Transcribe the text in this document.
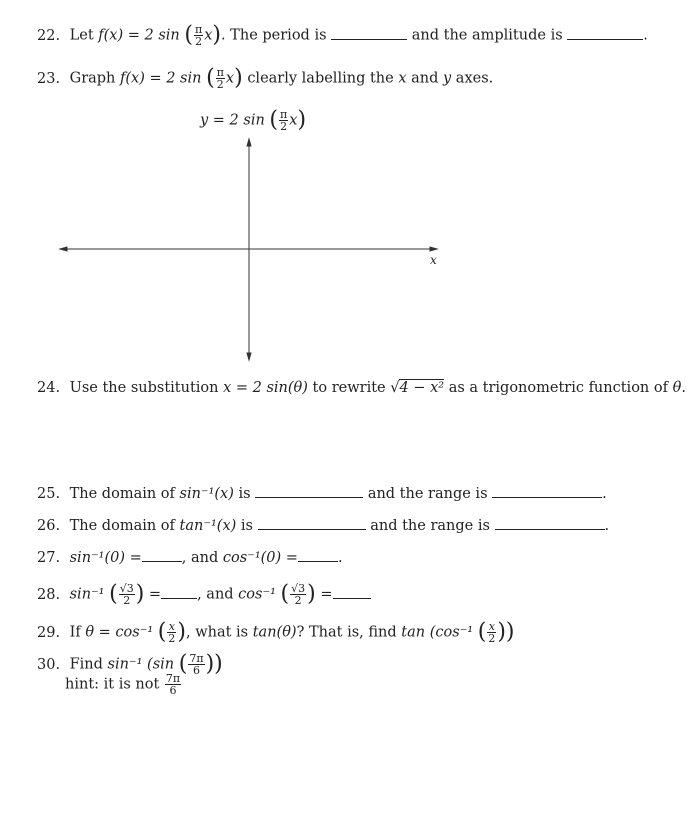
22. Let f(x) = 2 sin ( $\frac{\pi}{2} x$). The period is	and the amplitude is	.
23. Graph f(x) = 2 sin ( $\frac{\pi}{2} x$) clearly labelling the x and y axes.
y = 2 sin ( $\frac{\pi}{2} x$)
x
24. Use the substitution x = 2 sin(θ) to rewrite √4 − x² as a trigonometric function of θ.
25. The domain of sin⁻¹(x) is	and the range is	.
26. The domain of tan⁻¹(x) is	and the range is	.
27. sin⁻¹(0) =	, and cos⁻¹(0) =	.
28. sin⁻¹ ( $\frac{√3}{2}$ ) = , and cos⁻¹ ( $\frac{√3}{2}$ ) =
29. If θ = cos⁻¹ ( $\frac{x}{2}$ ), what is tan(θ)? That is, find tan (cos⁻¹ ( $\frac{x}{2}$ ))
30. Find sin⁻¹ (sin ( $\frac{7\pi}{6}$ ))
hint: it is not $\frac{7\pi}{6}$
